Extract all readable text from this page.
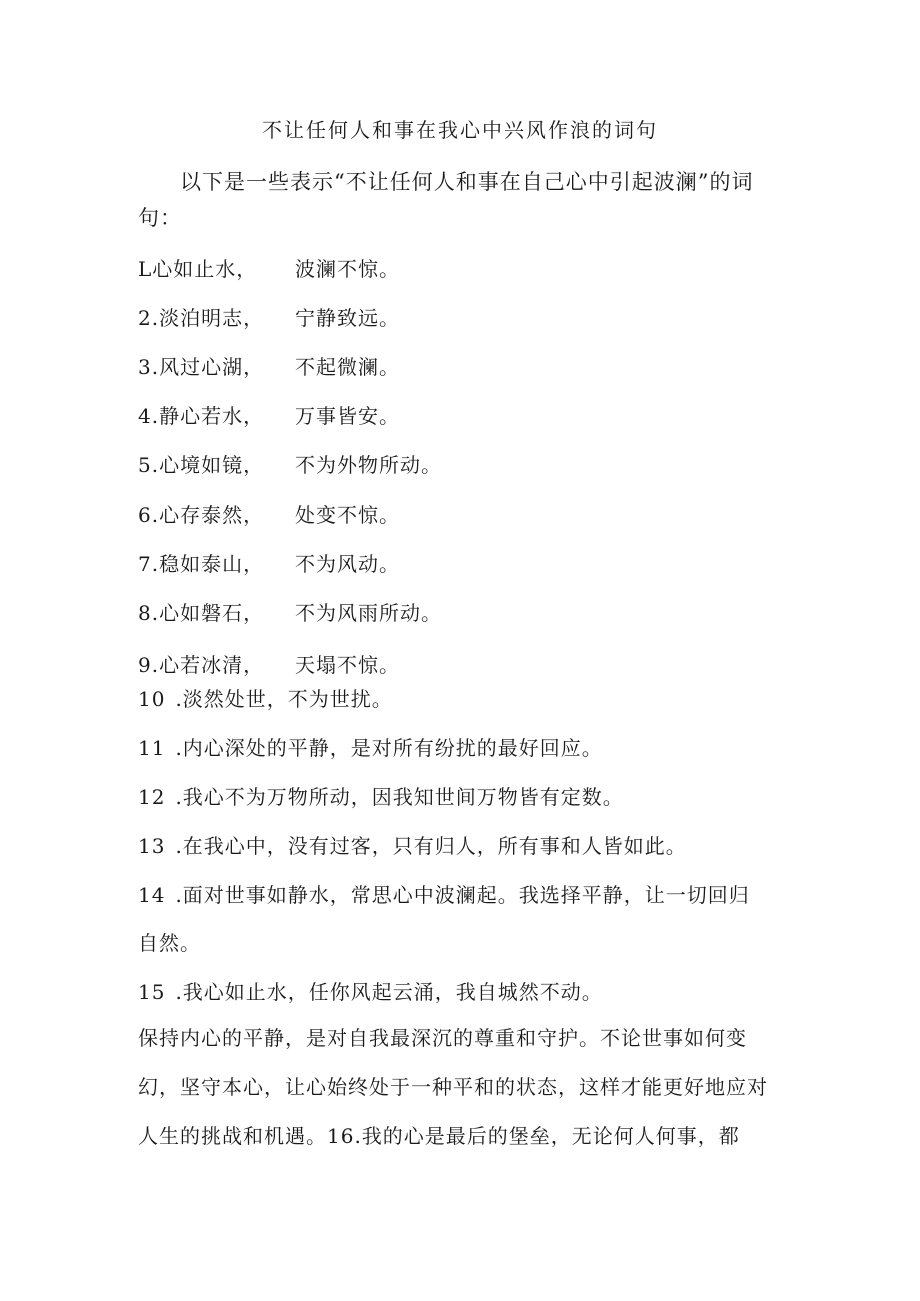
不让任何人和事在我心中兴风作浪的词句
以下是一些表示“不让任何人和事在自己心中引起波澜”的词句：
L心如止水， 波澜不惊。
2.淡泊明志， 宁静致远。
3.风过心湖， 不起微澜。
4.静心若水， 万事皆安。
5.心境如镜， 不为外物所动。
6.心存泰然， 处变不惊。
7.稳如泰山， 不为风动。
8.心如磐石， 不为风雨所动。
9.心若冰清， 天塌不惊。
10 .淡然处世，不为世扰。
11 .内心深处的平静，是对所有纷扰的最好回应。
12 .我心不为万物所动，因我知世间万物皆有定数。
13 .在我心中，没有过客，只有归人，所有事和人皆如此。
14 .面对世事如静水，常思心中波澜起。我选择平静，让一切回归
自然。
15 .我心如止水，任你风起云涌，我自城然不动。
保持内心的平静，是对自我最深沉的尊重和守护。不论世事如何变幻，坚守本心，让心始终处于一种平和的状态，这样才能更好地应对人生的挑战和机遇。16.我的心是最后的堡垒，无论何人何事，都
